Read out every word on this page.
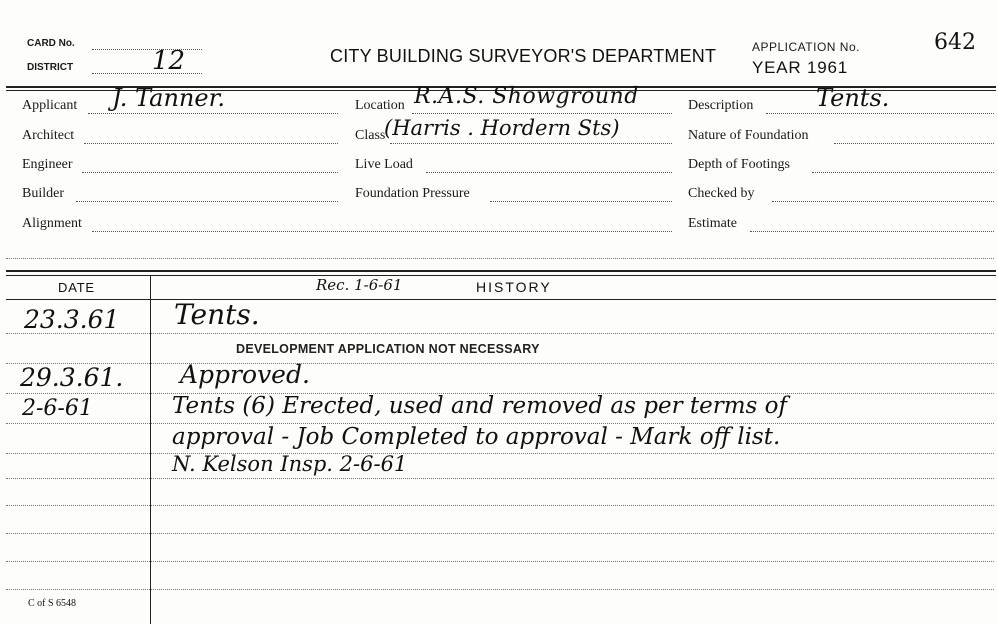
CARD No.
DISTRICT	12	CITY BUILDING SURVEYOR'S DEPARTMENT	APPLICATION No.	642
YEAR 1961
Applicant J. Tanner.
Architect
Engineer
Builder
Alignment
Location R.A.S. Showground
Class
(Harris . Hordern Sts)
Live Load
Foundation Pressure
Description	Tents.
Nature of Foundation
Depth of Footings
Checked by
Estimate
DATE	HISTORY
Rec. 1-6-61
23.3.61 Tents.
DEVELOPMENT APPLICATION NOT NECESSARY
29.3.61. Approved.
2-6-61	Tents (6) Erected, used and removed as per terms of
approval - Job Completed to approval - Mark off list.
N. Kelson Insp. 2-6-61
C of S 6548
